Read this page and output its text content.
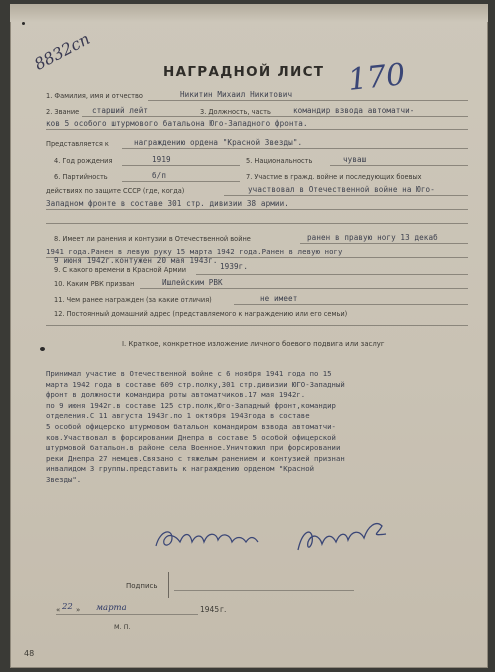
8832сп
170
НАГРАДНОЙ ЛИСТ
1. Фамилия, имя и отчество	Никитин Михаил Никитович
2. Звание старший лейт	3. Должность, часть	командир взвода автоматчи-
ков 5 особого штурмового батальона Юго-Западного фронта.
Представляется к	награждению ордена "Красной Звезды".
4. Год рождения	1919	5. Национальность	чуваш
6. Партийность	б/п	7. Участие в гражд. войне и последующих боевых
действиях по защите СССР (где, когда)	участвовал в Отечественной войне на Юго-
Западном фронте в составе 301 стр. дивизии 38 армии.
8. Имеет ли ранения и контузии в Отечественной войне	ранен в правую ногу 13 декаб
1941 года.Ранен в левую руку 15 марта 1942 года.Ранен в левую ногу
9 июня 1942г.контужен 20 мая 1943г.
9. С какого времени в Красной Армии	1939г.
10. Каким РВК призван	Ишлейским РВК
11. Чем ранее награжден (за какие отличия)	не имеет
12. Постоянный домашний адрес (представляемого к награждению или его семьи)
I. Краткое, конкретное изложение личного боевого подвига или заслуг
Принимал участие в Отечественной войне с 6 ноября 1941 года по 15
марта 1942 года в составе 609 стр.полку,301 стр.дивизии ЮГО-Западный
фронт в должности командира роты автоматчиков.17 мая 1942г.
по 9 июня 1942г.в составе 125 стр.полк,Юго-Западный фронт,командир
отделения.С 11 августа 1943г.по 1 октября 1943года в составе
5 особой офицерско штурмовом батальон командиром взвода автоматчи-
ков.Участвовал в форсировании Днепра в составе 5 особой офицерской
штурмовой батальон.в районе села Военное.Уничтожил при форсировании
реки Днепра 27 немцев.Связано с тяжелым ранением и контузией признан
инвалидом 3 группы.представить к награждению орденом "Красной
Звезды".
Подпись
« 22 » марта	1945 г.
М. П.
48
